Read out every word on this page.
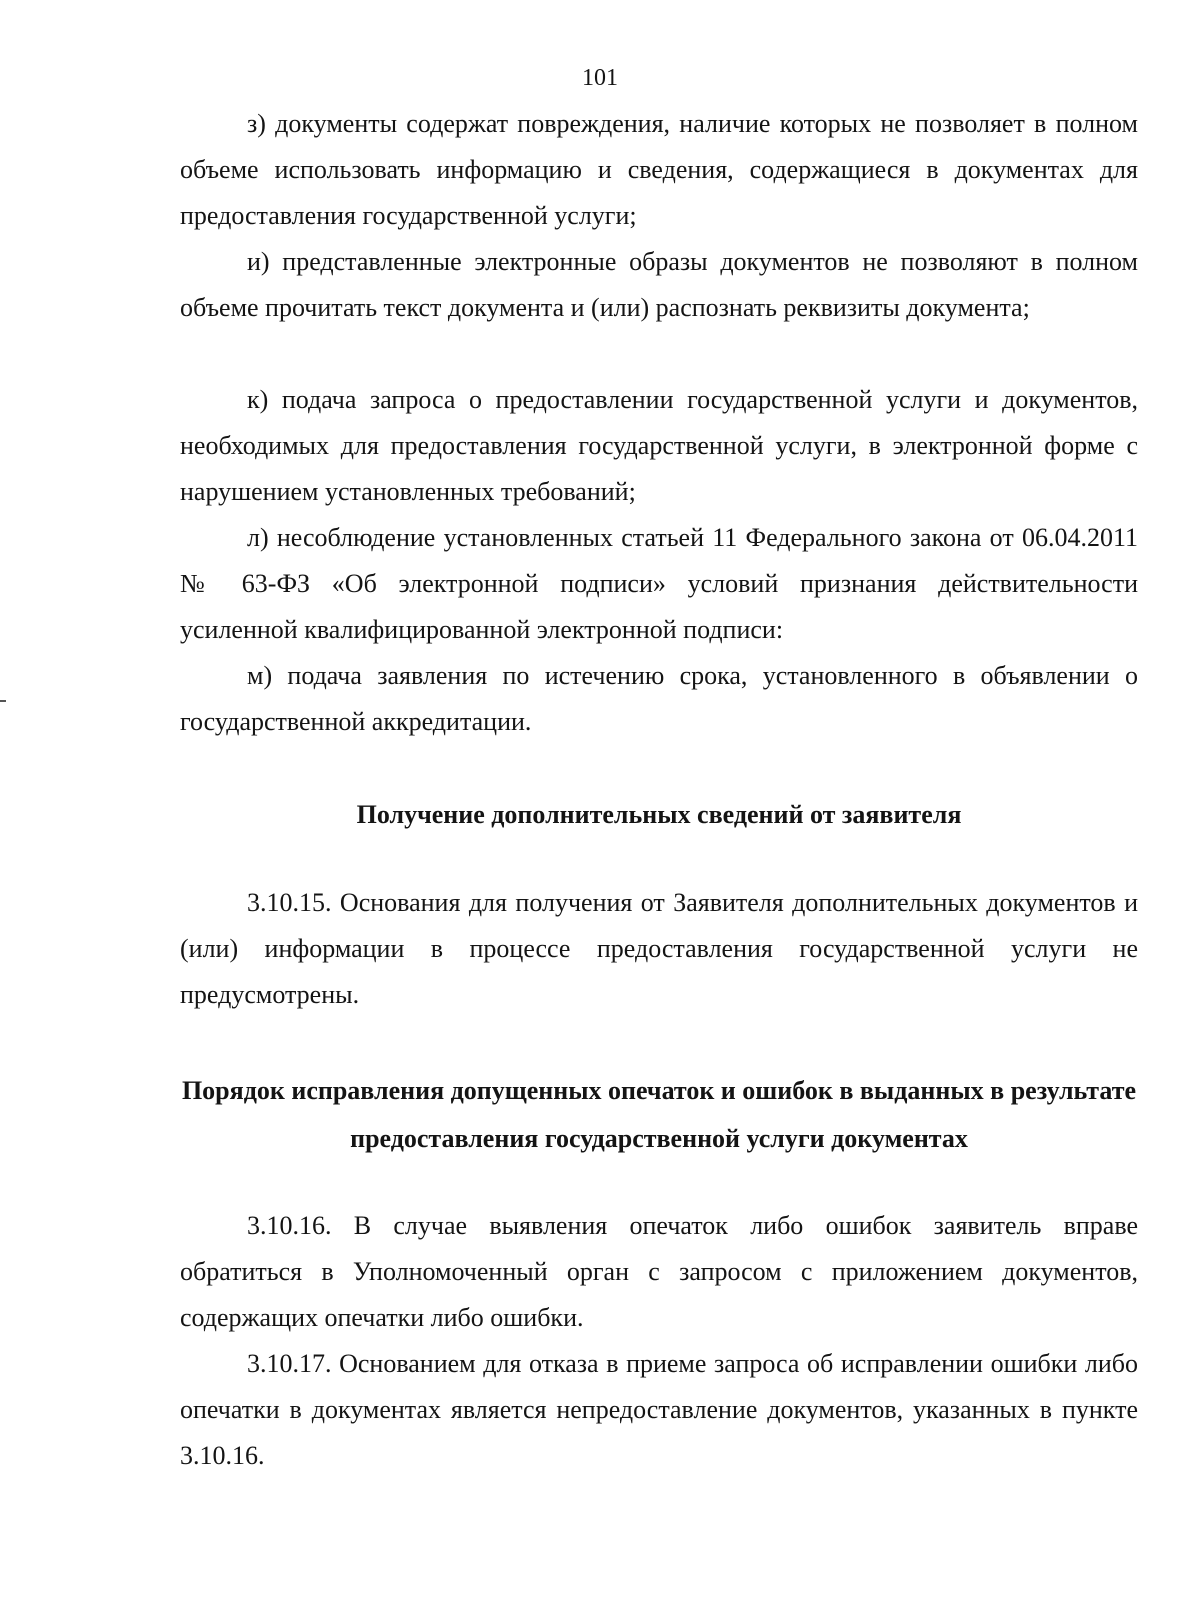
101

з) документы содержат повреждения, наличие которых не позволяет в полном объеме использовать информацию и сведения, содержащиеся в документах для предоставления государственной услуги;

и) представленные электронные образы документов не позволяют в полном объеме прочитать текст документа и (или) распознать реквизиты документа;

к) подача запроса о предоставлении государственной услуги и документов, необходимых для предоставления государственной услуги, в электронной форме с нарушением установленных требований;

л) несоблюдение установленных статьей 11 Федерального закона от 06.04.2011 № 63-ФЗ «Об электронной подписи» условий признания действительности усиленной квалифицированной электронной подписи:

м) подача заявления по истечению срока, установленного в объявлении о государственной аккредитации.

Получение дополнительных сведений от заявителя

3.10.15. Основания для получения от Заявителя дополнительных документов и (или) информации в процессе предоставления государственной услуги не предусмотрены.

Порядок исправления допущенных опечаток и ошибок в выданных в результате предоставления государственной услуги документах

3.10.16. В случае выявления опечаток либо ошибок заявитель вправе обратиться в Уполномоченный орган с запросом с приложением документов, содержащих опечатки либо ошибки.

3.10.17. Основанием для отказа в приеме запроса об исправлении ошибки либо опечатки в документах является непредоставление документов, указанных в пункте 3.10.16.
